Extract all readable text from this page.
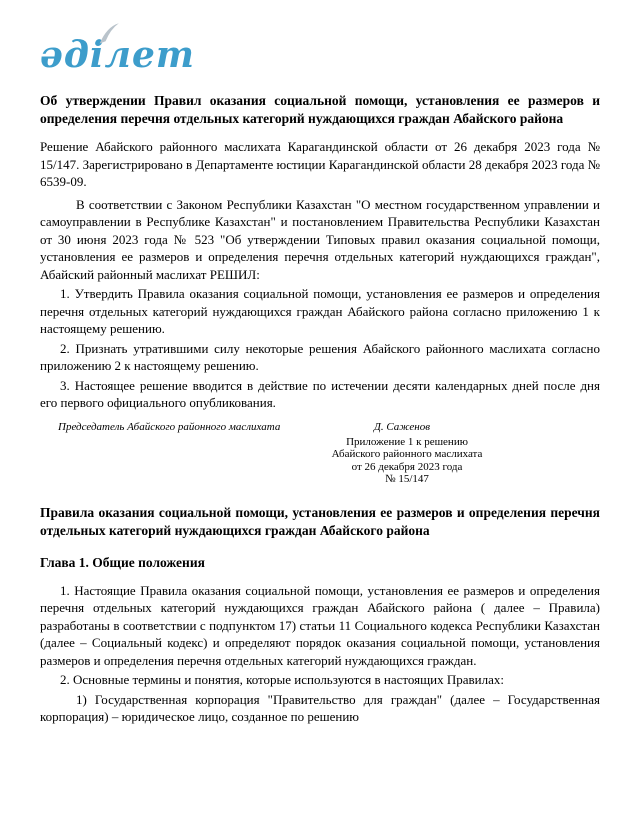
әділет
Об утверждении Правил оказания социальной помощи, установления ее размеров и определения перечня отдельных категорий нуждающихся граждан Абайского района

Решение Абайского районного маслихата Карагандинской области от 26 декабря 2023 года № 15/147. Зарегистрировано в Департаменте юстиции Карагандинской области 28 декабря 2023 года № 6539-09.

В соответствии с Законом Республики Казахстан "О местном государственном управлении и самоуправлении в Республике Казахстан" и постановлением Правительства Республики Казахстан от 30 июня 2023 года № 523 "Об утверждении Типовых правил оказания социальной помощи, установления ее размеров и определения перечня отдельных категорий нуждающихся граждан", Абайский районный маслихат РЕШИЛ:

1. Утвердить Правила оказания социальной помощи, установления ее размеров и определения перечня отдельных категорий нуждающихся граждан Абайского района согласно приложению 1 к настоящему решению.

2. Признать утратившими силу некоторые решения Абайского районного маслихата согласно приложению 2 к настоящему решению.

3. Настоящее решение вводится в действие по истечении десяти календарных дней после дня его первого официального опубликования.

Председатель Абайского районного маслихата	Д. Саженов
Приложение 1 к решению
Абайского районного маслихата
от 26 декабря 2023 года
№ 15/147
Правила оказания социальной помощи, установления ее размеров и определения перечня отдельных категорий нуждающихся граждан Абайского района
Глава 1. Общие положения

1. Настоящие Правила оказания социальной помощи, установления ее размеров и определения перечня отдельных категорий нуждающихся граждан Абайского района ( далее – Правила) разработаны в соответствии с подпунктом 17) статьи 11 Социального кодекса Республики Казахстан (далее – Социальный кодекс) и определяют порядок оказания социальной помощи, установления размеров и определения перечня отдельных категорий нуждающихся граждан.

2. Основные термины и понятия, которые используются в настоящих Правилах:

1) Государственная корпорация "Правительство для граждан" (далее – Государственная корпорация) – юридическое лицо, созданное по решению
